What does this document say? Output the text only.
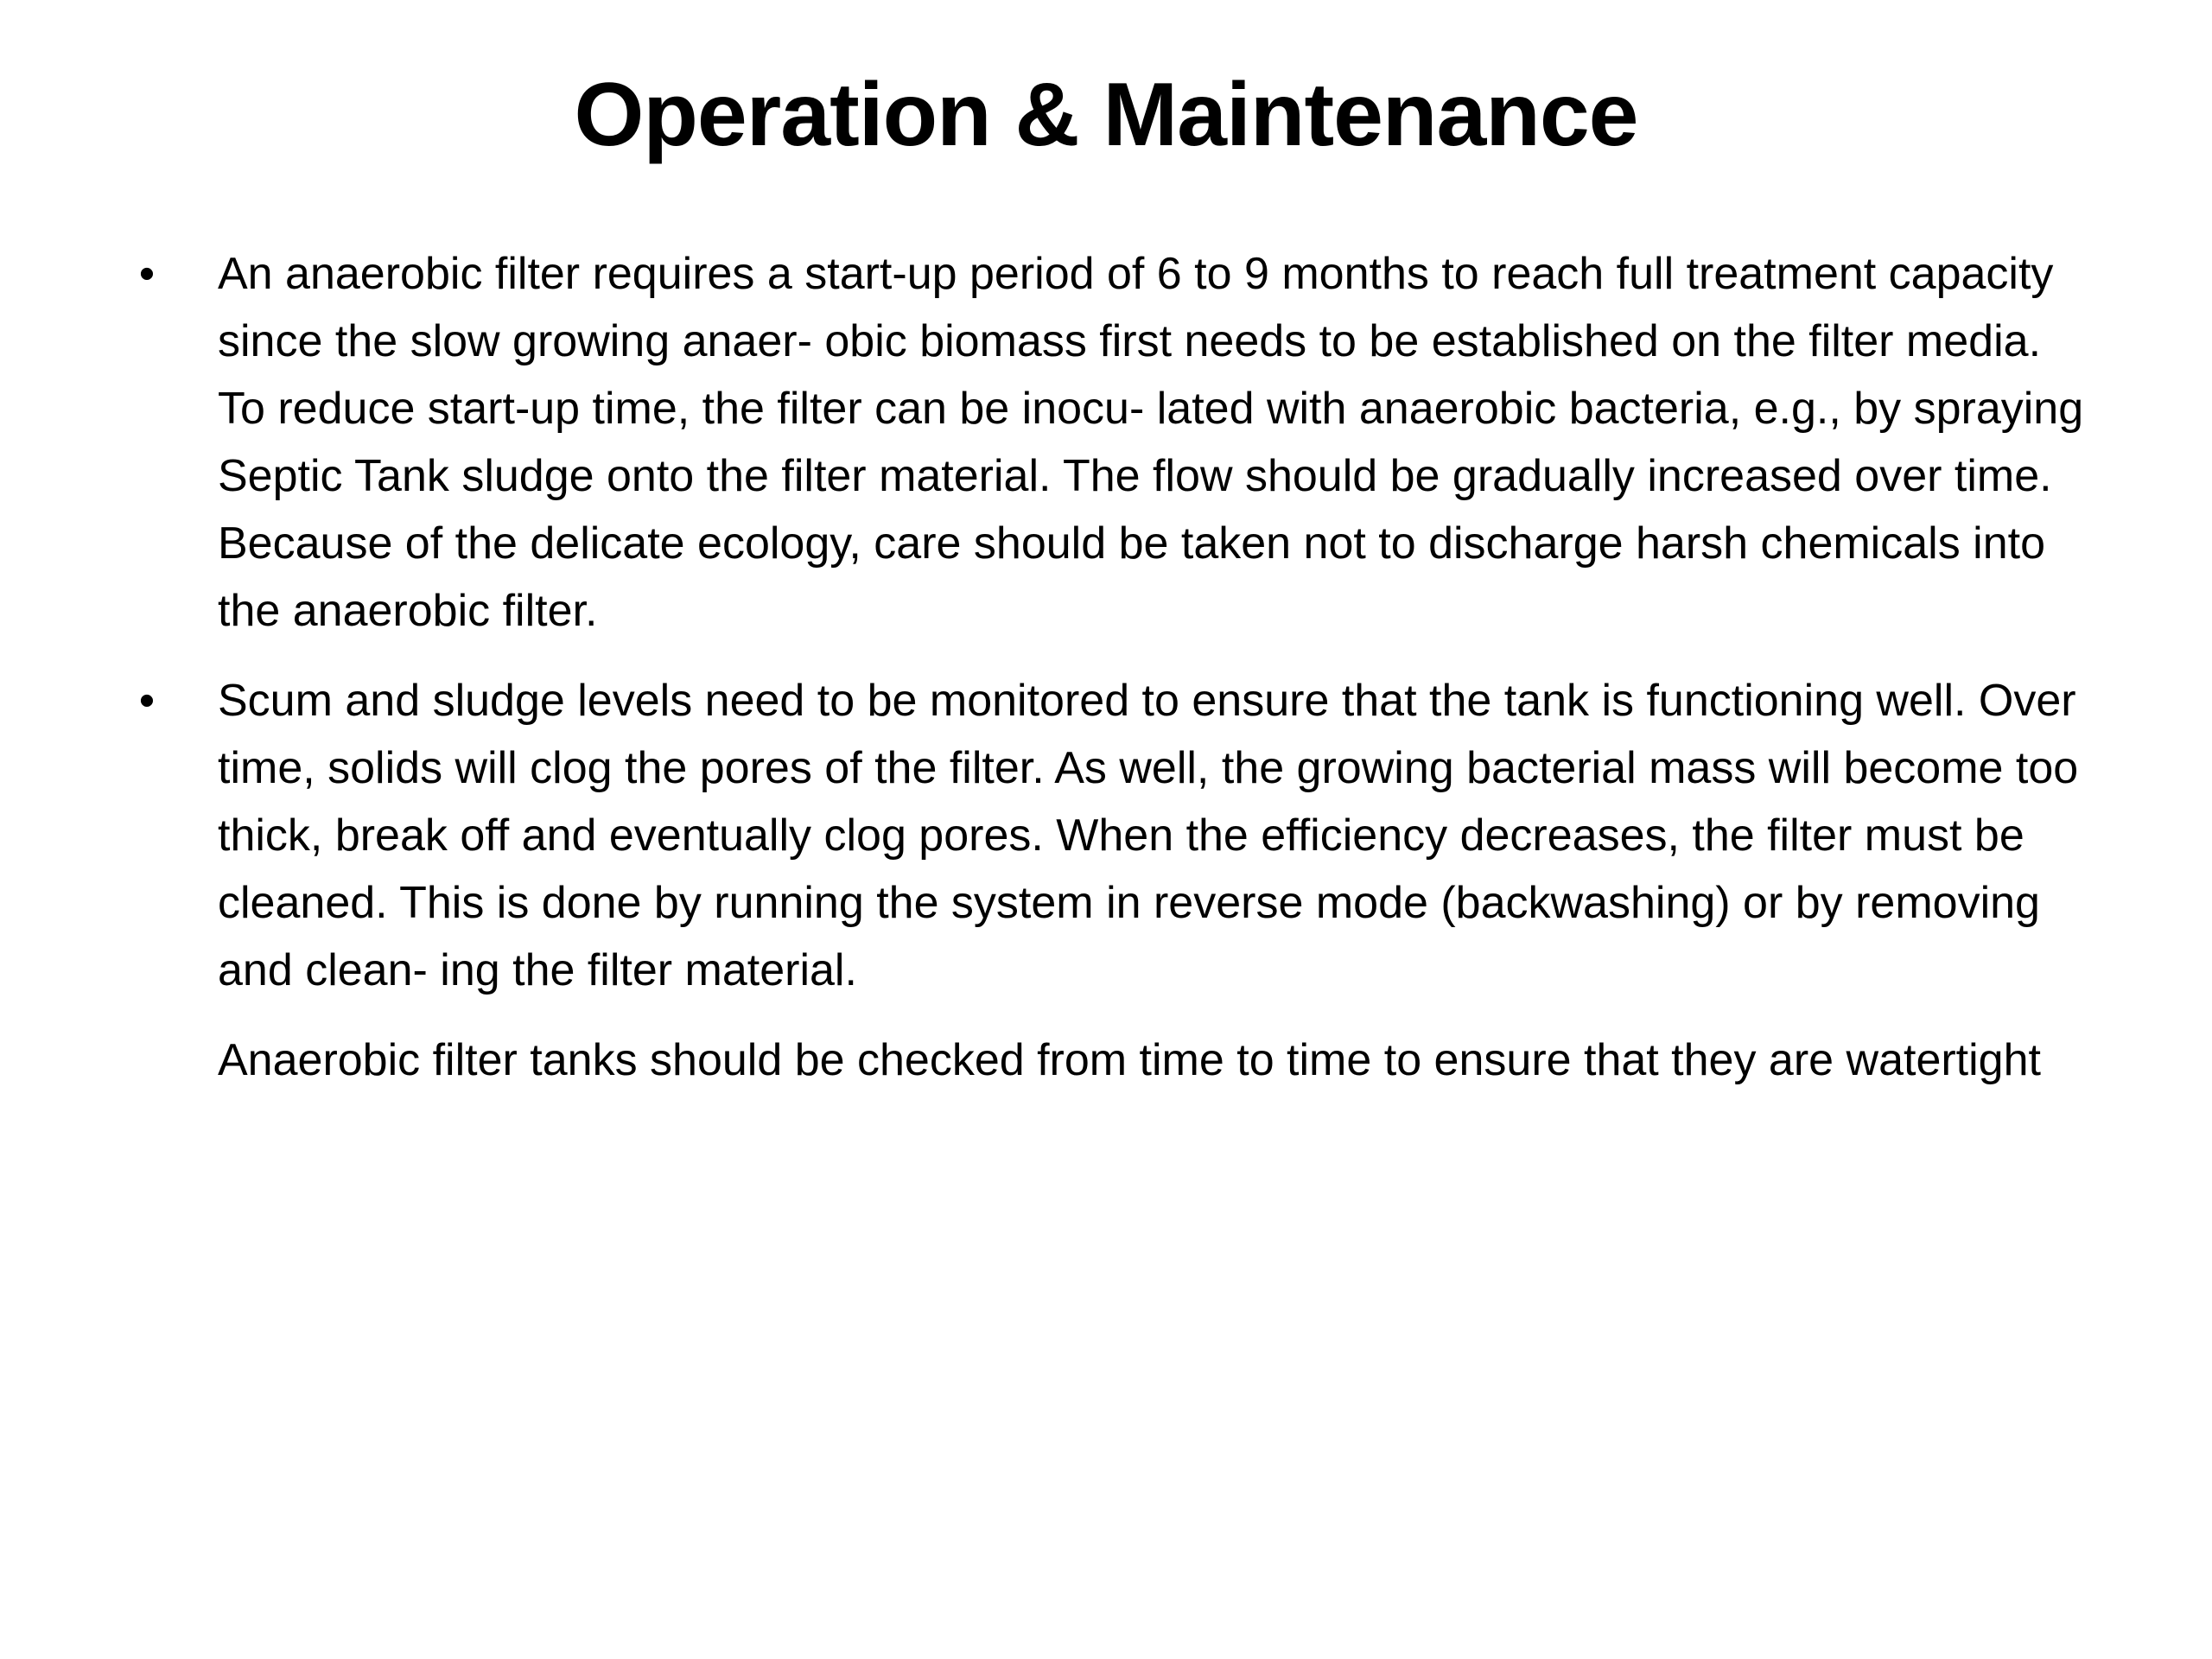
Operation & Maintenance
• An anaerobic filter requires a start-up period of 6 to 9 months to reach full treatment capacity since the slow growing anaer- obic biomass first needs to be established on the filter media. To reduce start-up time, the filter can be inocu- lated with anaerobic bacteria, e.g., by spraying Septic Tank sludge onto the filter material. The flow should be gradually increased over time. Because of the delicate ecology, care should be taken not to discharge harsh chemicals into the anaerobic filter.

• Scum and sludge levels need to be monitored to ensure that the tank is functioning well. Over time, solids will clog the pores of the filter. As well, the growing bacterial mass will become too thick, break off and eventually clog pores. When the efficiency decreases, the filter must be cleaned. This is done by running the system in reverse mode (backwashing) or by removing and clean- ing the filter material.

Anaerobic filter tanks should be checked from time to time to ensure that they are watertight
